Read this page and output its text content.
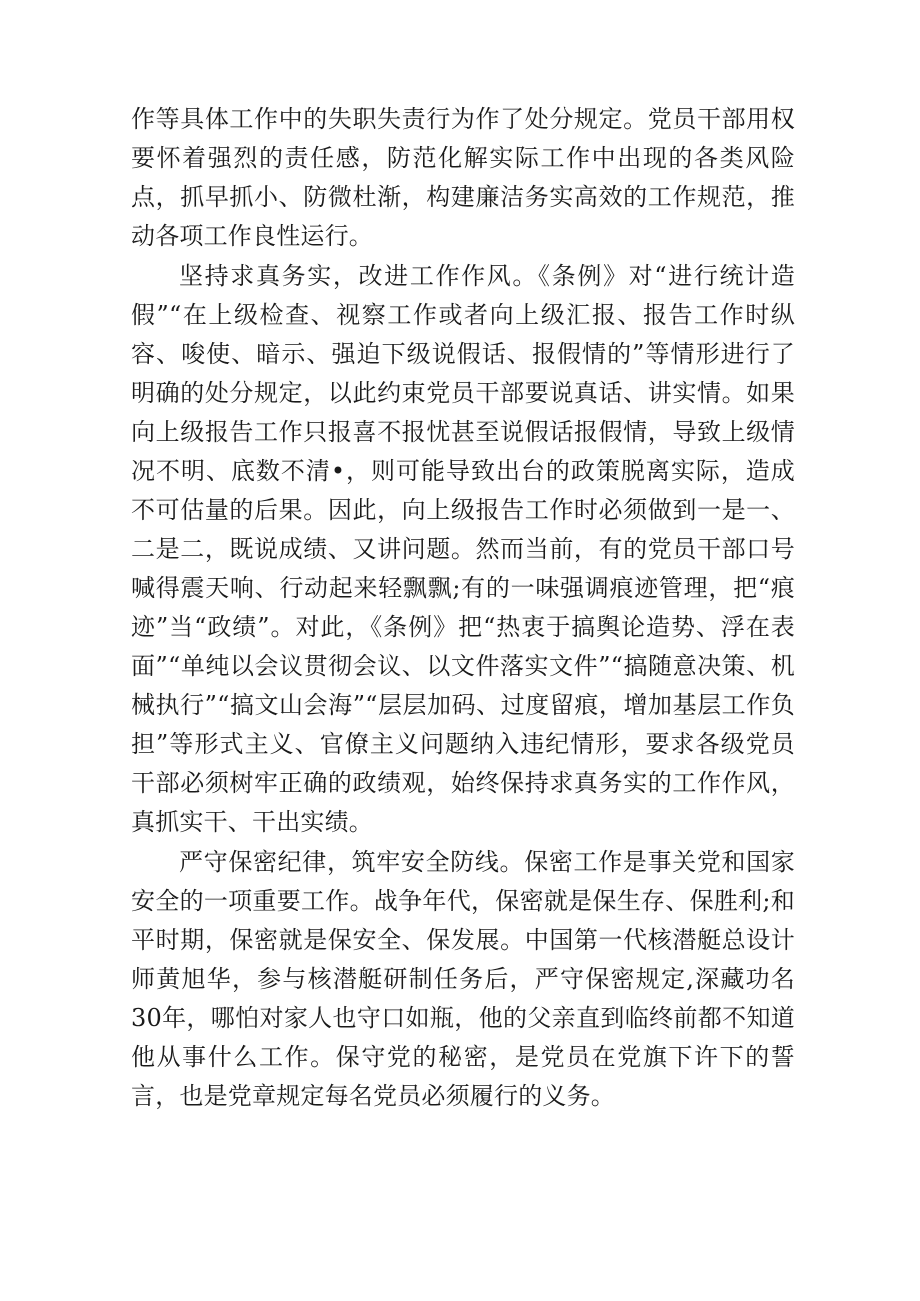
作等具体工作中的失职失责行为作了处分规定。党员干部用权要怀着强烈的责任感，防范化解实际工作中出现的各类风险点，抓早抓小、防微杜渐，构建廉洁务实高效的工作规范，推动各项工作良性运行。

坚持求真务实，改进工作作风。《条例》对“进行统计造假”“在上级检查、视察工作或者向上级汇报、报告工作时纵容、唆使、暗示、强迫下级说假话、报假情的”等情形进行了明确的处分规定，以此约束党员干部要说真话、讲实情。如果向上级报告工作只报喜不报忧甚至说假话报假情，导致上级情况不明、底数不清•，则可能导致出台的政策脱离实际，造成不可估量的后果。因此，向上级报告工作时必须做到一是一、二是二，既说成绩、又讲问题。然而当前，有的党员干部口号喊得震天响、行动起来轻飘飘;有的一味强调痕迹管理，把“痕迹”当“政绩”。对此，《条例》把“热衷于搞舆论造势、浮在表面”“单纯以会议贯彻会议、以文件落实文件”“搞随意决策、机械执行”“搞文山会海”“层层加码、过度留痕，增加基层工作负担”等形式主义、官僚主义问题纳入违纪情形，要求各级党员干部必须树牢正确的政绩观，始终保持求真务实的工作作风，真抓实干、干出实绩。

严守保密纪律，筑牢安全防线。保密工作是事关党和国家安全的一项重要工作。战争年代，保密就是保生存、保胜利;和平时期，保密就是保安全、保发展。中国第一代核潜艇总设计师黄旭华，参与核潜艇研制任务后，严守保密规定,深藏功名30年，哪怕对家人也守口如瓶，他的父亲直到临终前都不知道他从事什么工作。保守党的秘密，是党员在党旗下许下的誓言，也是党章规定每名党员必须履行的义务。
